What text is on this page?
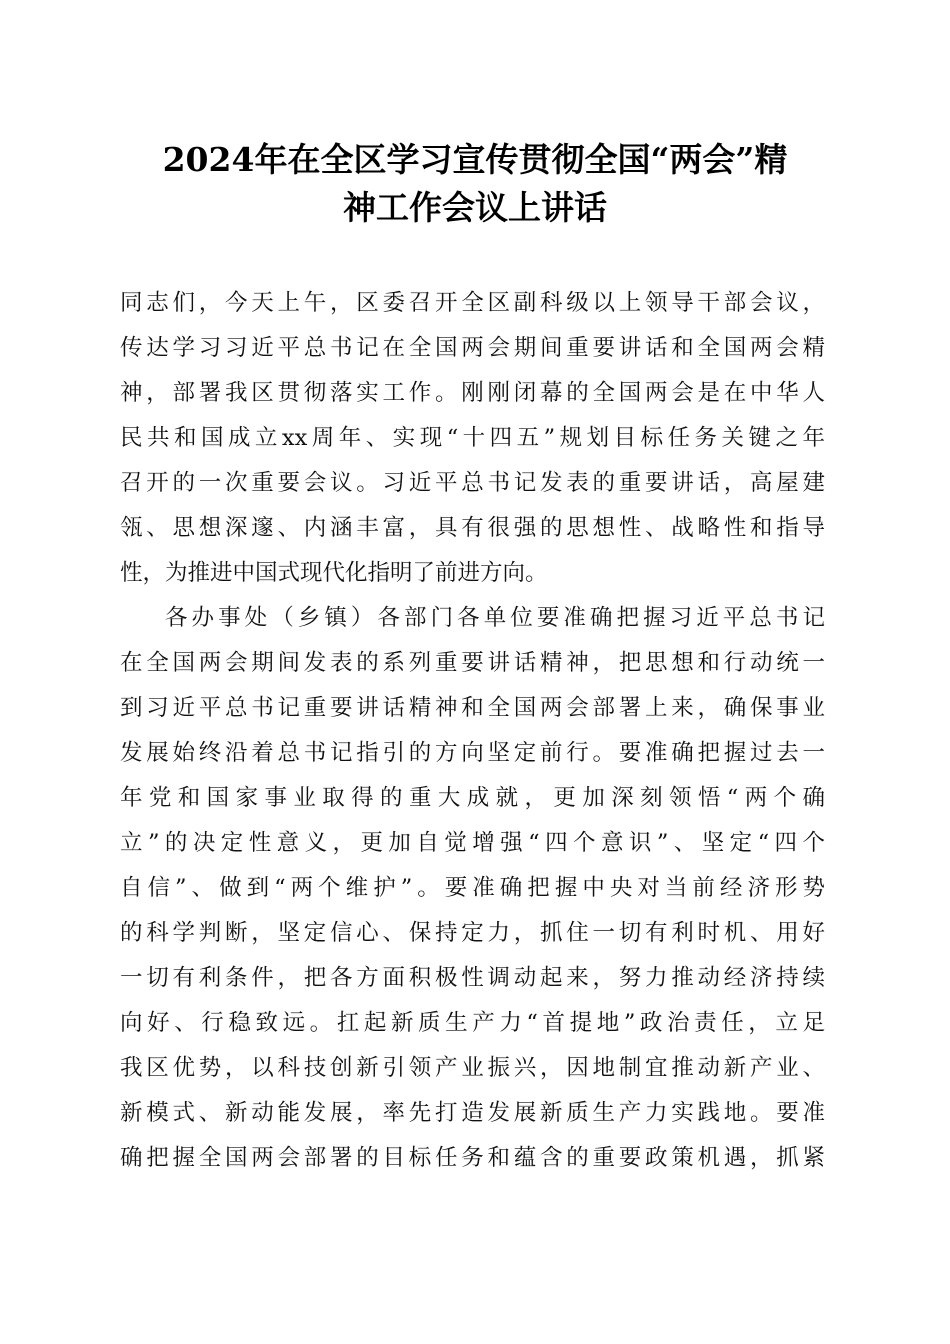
2024年在全区学习宣传贯彻全国“两会”精
神工作会议上讲话

同志们，今天上午，区委召开全区副科级以上领导干部会议，
传达学习习近平总书记在全国两会期间重要讲话和全国两会精
神，部署我区贯彻落实工作。刚刚闭幕的全国两会是在中华人
民共和国成立xx周年、实现“十四五”规划目标任务关键之年
召开的一次重要会议。习近平总书记发表的重要讲话，高屋建
瓴、思想深邃、内涵丰富，具有很强的思想性、战略性和指导
性，为推进中国式现代化指明了前进方向。

各办事处（乡镇）各部门各单位要准确把握习近平总书记
在全国两会期间发表的系列重要讲话精神，把思想和行动统一
到习近平总书记重要讲话精神和全国两会部署上来，确保事业
发展始终沿着总书记指引的方向坚定前行。要准确把握过去一
年党和国家事业取得的重大成就，更加深刻领悟“两个确
立”的决定性意义，更加自觉增强“四个意识”、坚定“四个
自信”、做到“两个维护”。要准确把握中央对当前经济形势
的科学判断，坚定信心、保持定力，抓住一切有利时机、用好
一切有利条件，把各方面积极性调动起来，努力推动经济持续
向好、行稳致远。扛起新质生产力“首提地”政治责任，立足
我区优势，以科技创新引领产业振兴，因地制宜推动新产业、
新模式、新动能发展，率先打造发展新质生产力实践地。要准
确把握全国两会部署的目标任务和蕴含的重要政策机遇，抓紧
